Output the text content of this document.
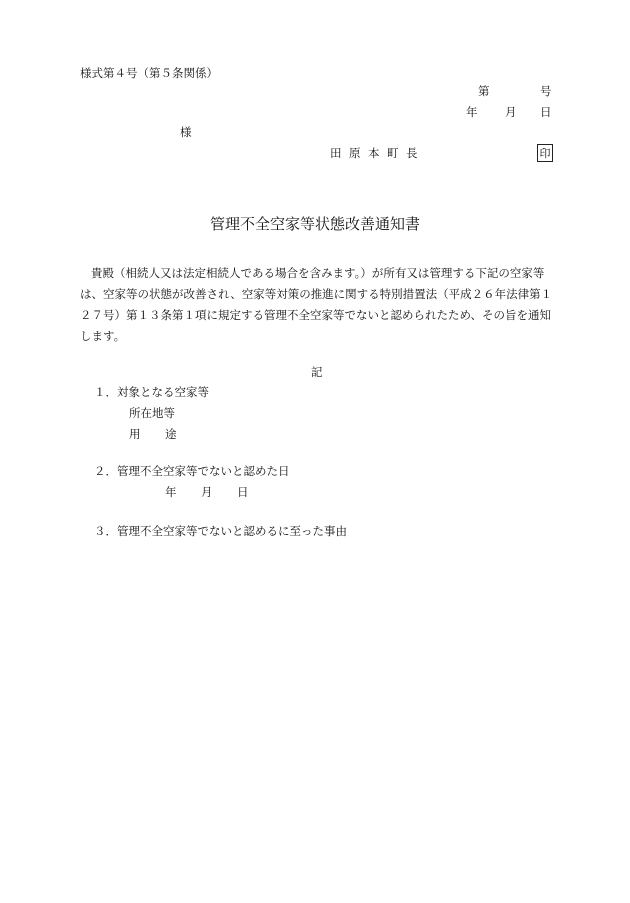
様式第４号（第５条関係）
第	号
年 月 日
様
田原本町長	印
管理不全空家等状態改善通知書
貴殿（相続人又は法定相続人である場合を含みます。）が所有又は管理する下記の空家等は、空家等の状態が改善され、空家等対策の推進に関する特別措置法（平成２６年法律第１２７号）第１３条第１項に規定する管理不全空家等でないと認められたため、その旨を通知します。
記
１．対象となる空家等
所在地等
用 途
２．管理不全空家等でないと認めた日
年 月 日
３．管理不全空家等でないと認めるに至った事由
